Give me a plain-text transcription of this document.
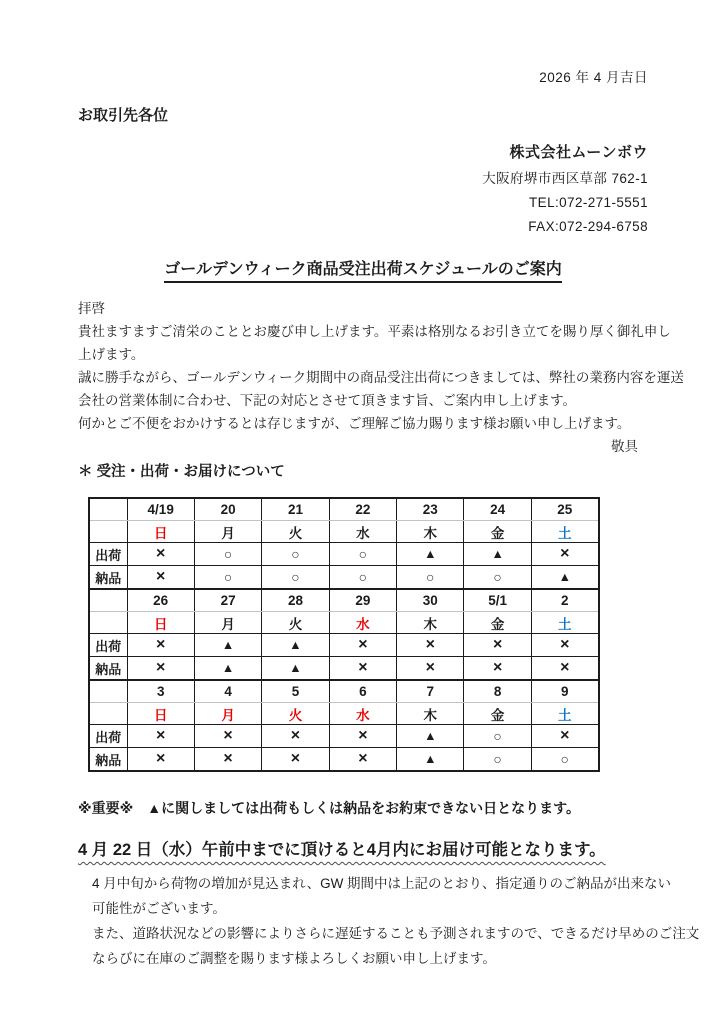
2026 年 4 月吉日
お取引先各位
株式会社ムーンボウ
大阪府堺市西区草部 762-1
TEL:072-271-5551
FAX:072-294-6758
ゴールデンウィーク商品受注出荷スケジュールのご案内
拝啓
貴社ますますご清栄のこととお慶び申し上げます。平素は格別なるお引き立てを賜り厚く御礼申し
上げます。
誠に勝手ながら、ゴールデンウィーク期間中の商品受注出荷につきましては、弊社の業務内容を運送
会社の営業体制に合わせ、下記の対応とさせて頂きます旨、ご案内申し上げます。
何かとご不便をおかけするとは存じますが、ご理解ご協力賜ります様お願い申し上げます。
敬具
＊ 受注・出荷・お届けについて
	4/19	20	21	22	23	24	25
	日	月	火	水	木	金	土
出荷	×	○	○	○	▲	▲	×
納品	×	○	○	○	○	○	▲
	26	27	28	29	30	5/1	2
	日	月	火	水	木	金	土
出荷	×	▲	▲	×	×	×	×
納品	×	▲	▲	×	×	×	×
	3	4	5	6	7	8	9
	日	月	火	水	木	金	土
出荷	×	×	×	×	▲	○	×
納品	×	×	×	×	▲	○	○
※重要※　▲に関しましては出荷もしくは納品をお約束できない日となります。
4 月 22 日（水）午前中までに頂けると4月内にお届け可能となります。
4 月中旬から荷物の増加が見込まれ、GW 期間中は上記のとおり、指定通りのご納品が出来ない
可能性がございます。
また、道路状況などの影響によりさらに遅延することも予測されますので、できるだけ早めのご注文
ならびに在庫のご調整を賜ります様よろしくお願い申し上げます。
